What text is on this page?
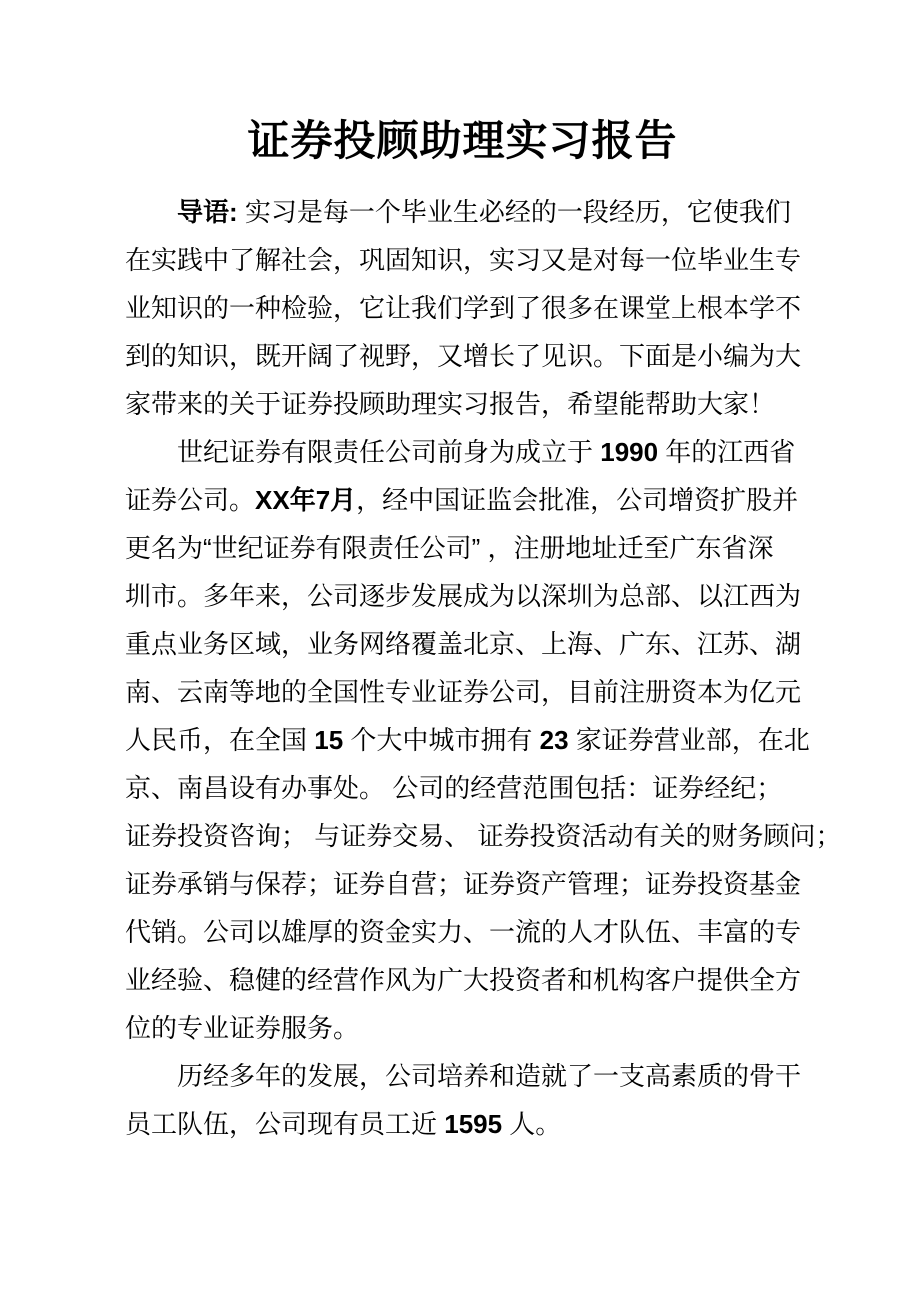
证券投顾助理实习报告
导语: 实习是每一个毕业生必经的一段经历，它使我们
在实践中了解社会，巩固知识，实习又是对每一位毕业生专
业知识的一种检验，它让我们学到了很多在课堂上根本学不
到的知识，既开阔了视野，又增长了见识。下面是小编为大
家带来的关于证券投顾助理实习报告，希望能帮助大家！
世纪证券有限责任公司前身为成立于 1990 年的江西省
证券公司。XX年7月，经中国证监会批准，公司增资扩股并
更名为“世纪证券有限责任公司” ，注册地址迁至广东省深
圳市。多年来，公司逐步发展成为以深圳为总部、以江西为
重点业务区域，业务网络覆盖北京、上海、广东、江苏、湖
南、云南等地的全国性专业证券公司，目前注册资本为亿元
人民币，在全国 15 个大中城市拥有 23 家证券营业部，在北
京、南昌设有办事处。 公司的经营范围包括：证券经纪；
证券投资咨询； 与证券交易、 证券投资活动有关的财务顾问；
证券承销与保荐；证券自营；证券资产管理；证券投资基金
代销。公司以雄厚的资金实力、一流的人才队伍、丰富的专
业经验、稳健的经营作风为广大投资者和机构客户提供全方
位的专业证券服务。
历经多年的发展，公司培养和造就了一支高素质的骨干
员工队伍，公司现有员工近 1595 人。
